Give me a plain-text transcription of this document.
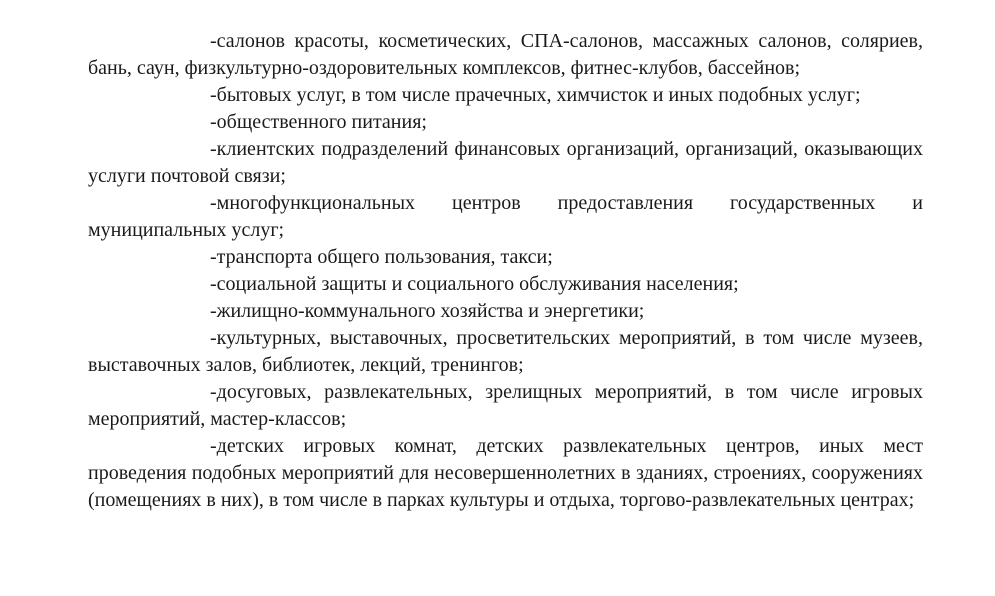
-салонов красоты, косметических, СПА-салонов, массажных салонов, соляриев, бань, саун, физкультурно-оздоровительных комплексов, фитнес-клубов, бассейнов;

-бытовых услуг, в том числе прачечных, химчисток и иных подобных услуг;

-общественного питания;

-клиентских подразделений финансовых организаций, организаций, оказывающих услуги почтовой связи;

-многофункциональных центров предоставления государственных и муниципальных услуг;

-транспорта общего пользования, такси;

-социальной защиты и социального обслуживания населения;

-жилищно-коммунального хозяйства и энергетики;

-культурных, выставочных, просветительских мероприятий, в том числе музеев, выставочных залов, библиотек, лекций, тренингов;

-досуговых, развлекательных, зрелищных мероприятий, в том числе игровых мероприятий, мастер-классов;

-детских игровых комнат, детских развлекательных центров, иных мест проведения подобных мероприятий для несовершеннолетних в зданиях, строениях, сооружениях (помещениях в них), в том числе в парках культуры и отдыха, торгово-развлекательных центрах;
